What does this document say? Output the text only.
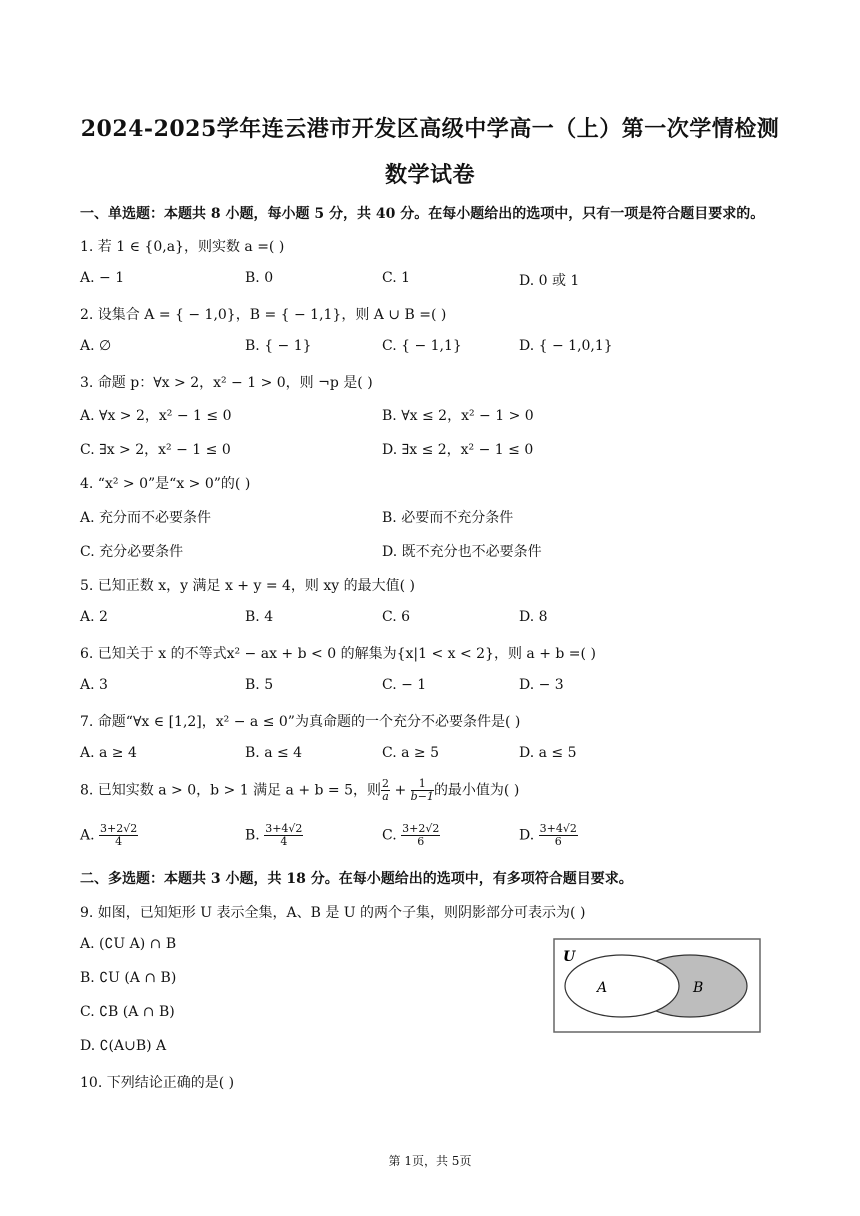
2024-2025学年连云港市开发区高级中学高一（上）第一次学情检测
数学试卷
一、单选题：本题共 8 小题，每小题 5 分，共 40 分。在每小题给出的选项中，只有一项是符合题目要求的。
1. 若 1 ∈ {0,a}，则实数 a =( )
A. − 1	B. 0	C. 1	D. 0 或 1
2. 设集合 A = { − 1,0}，B = { − 1,1}，则 A ∪ B =( )
A. ∅	B. { − 1}	C. { − 1,1}	D. { − 1,0,1}
3. 命题 p：∀x > 2，x² − 1 > 0，则 ¬p 是( )
A. ∀x > 2，x² − 1 ≤ 0	B. ∀x ≤ 2，x² − 1 > 0
C. ∃x > 2，x² − 1 ≤ 0	D. ∃x ≤ 2，x² − 1 ≤ 0
4. “x² > 0”是“x > 0”的( )
A. 充分而不必要条件	B. 必要而不充分条件
C. 充分必要条件	D. 既不充分也不必要条件
5. 已知正数 x，y 满足 x + y = 4，则 xy 的最大值( )
A. 2	B. 4	C. 6	D. 8
6. 已知关于 x 的不等式x² − ax + b < 0 的解集为{x|1 < x < 2}，则 a + b =( )
A. 3	B. 5	C. − 1	D. − 3
7. 命题“∀x ∈ [1,2]，x² − a ≤ 0”为真命题的一个充分不必要条件是( )
A. a ≥ 4	B. a ≤ 4	C. a ≥ 5	D. a ≤ 5
8. 已知实数 a > 0，b > 1 满足 a + b = 5，则 $\frac{2}{a} + \frac{1}{b-1}$ 的最小值为( )
A. $\frac{3+2√2}{4}$	B. $\frac{3+4√2}{4}$	C. $\frac{3+2√2}{6}$	D. $\frac{3+4√2}{6}$
二、多选题：本题共 3 小题，共 18 分。在每小题给出的选项中，有多项符合题目要求。
9. 如图，已知矩形 U 表示全集，A、B 是 U 的两个子集，则阴影部分可表示为( )
A. (∁U A) ∩ B
B. ∁U (A ∩ B)
C. ∁B (A ∩ B)
D. ∁(A∪B) A
U
A	B
10. 下列结论正确的是( )
第 1页，共 5页
